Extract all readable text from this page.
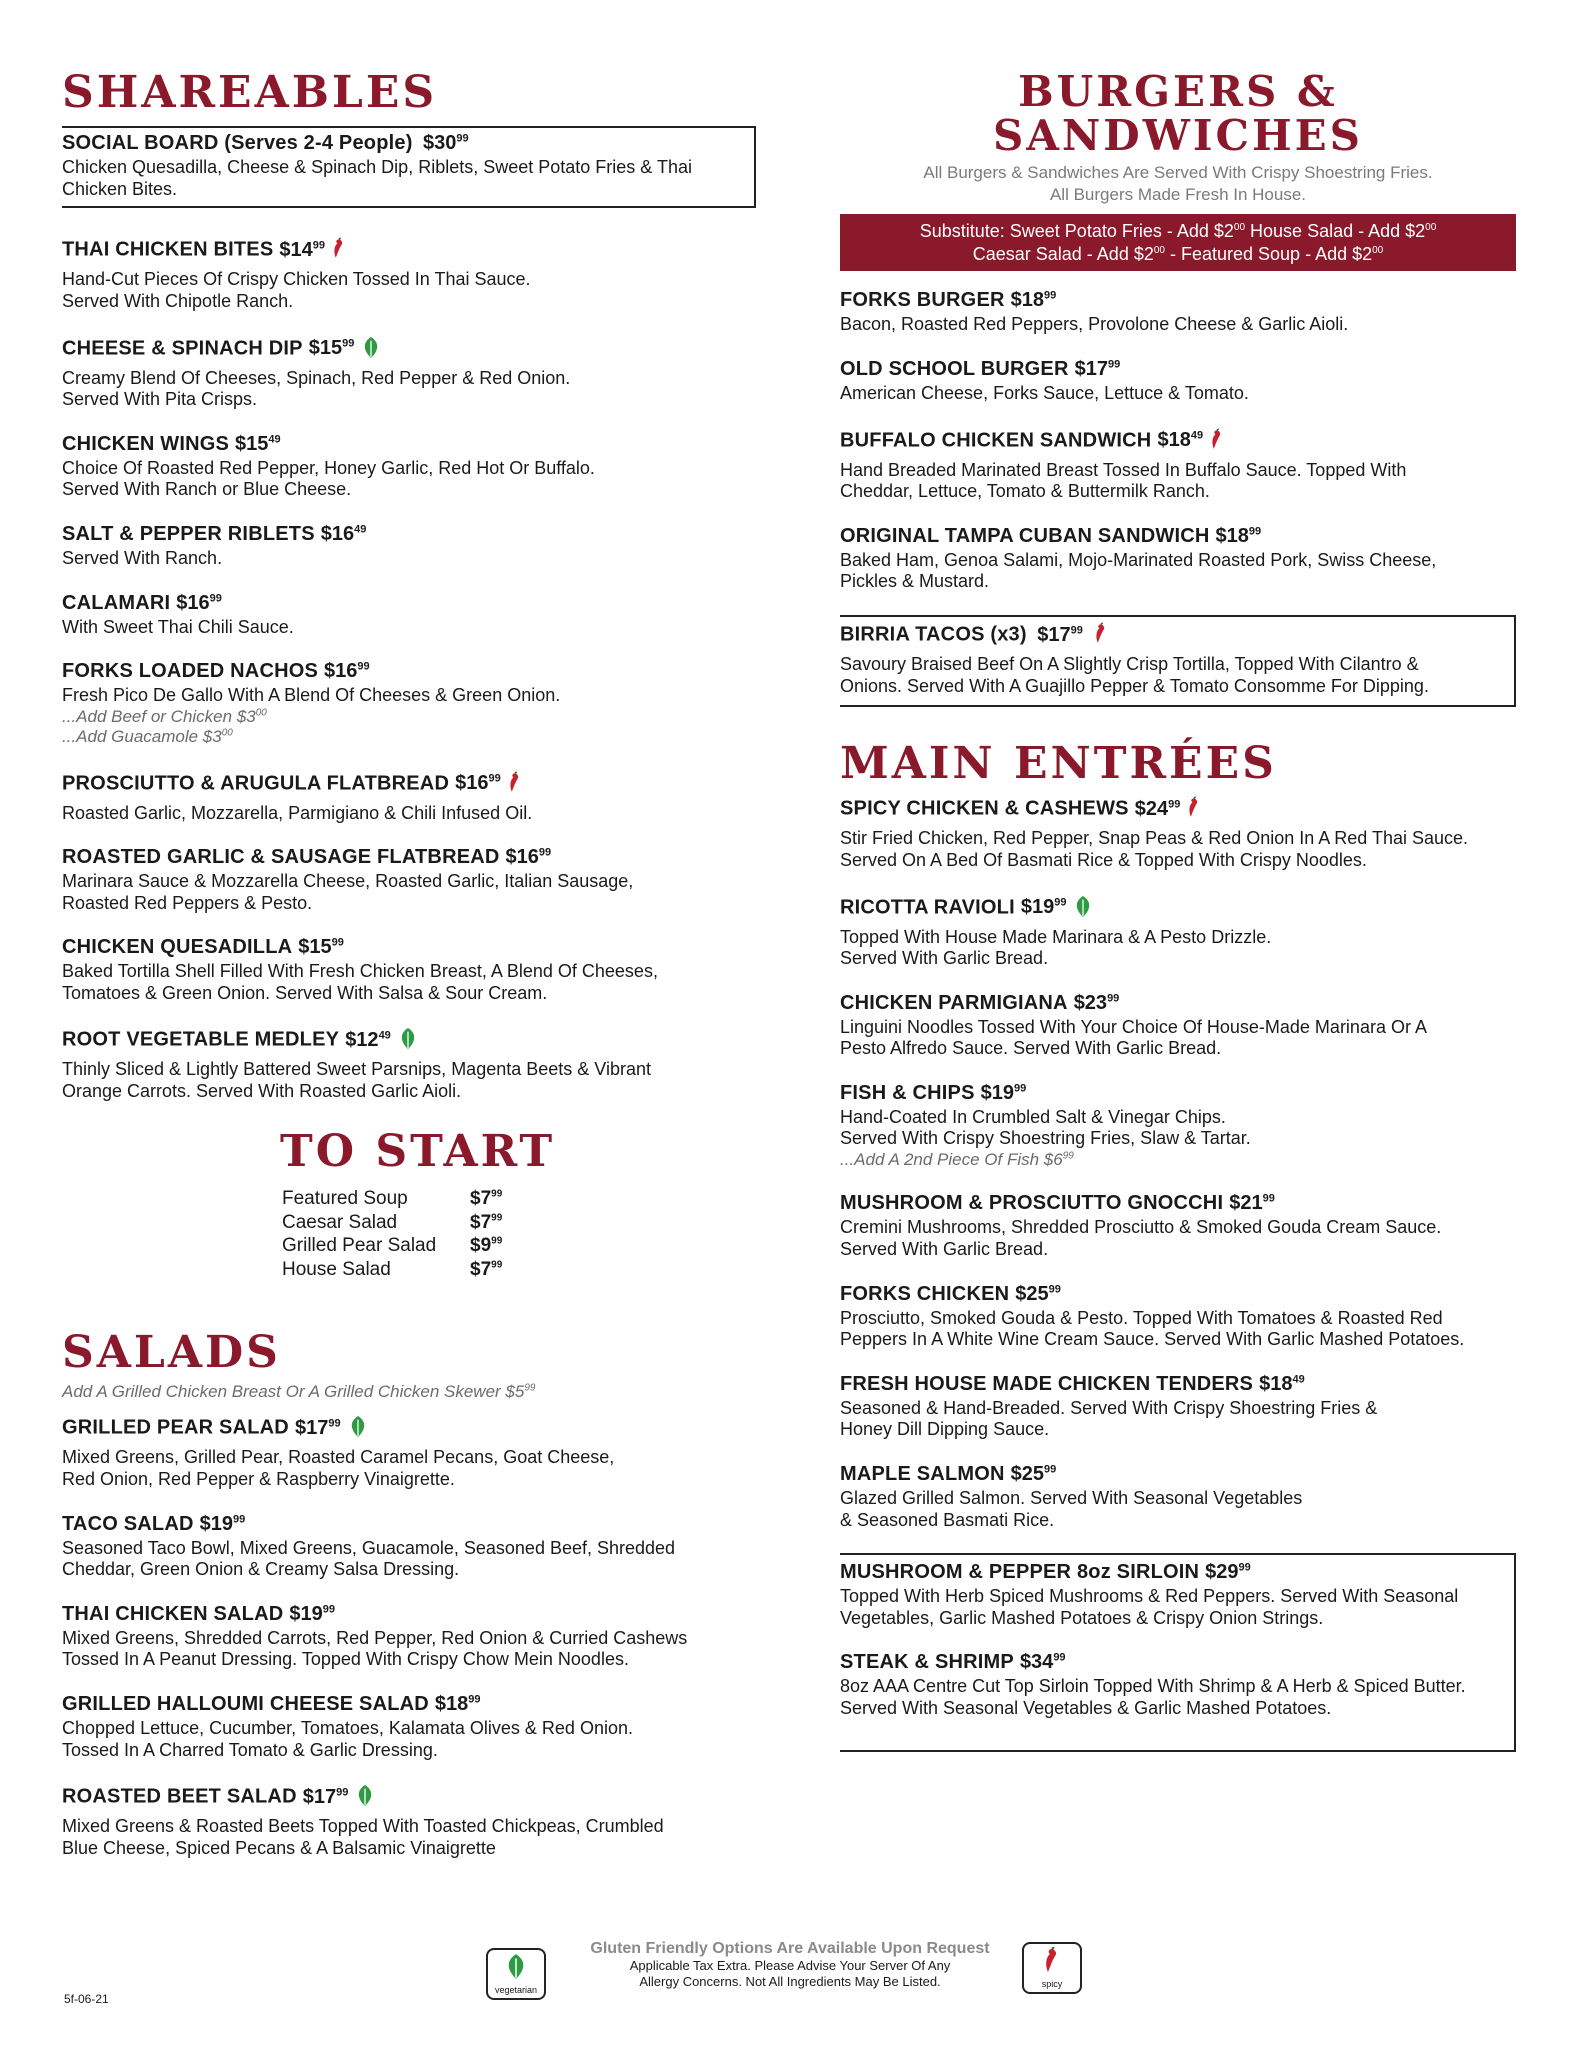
SHAREABLES
SOCIAL BOARD (Serves 2-4 People) $\$30^{99}$
Chicken Quesadilla, Cheese & Spinach Dip, Riblets, Sweet Potato Fries & Thai Chicken Bites.
THAI CHICKEN BITES $\$14^{99}$
Hand-Cut Pieces Of Crispy Chicken Tossed In Thai Sauce.
Served With Chipotle Ranch.
CHEESE & SPINACH DIP $\$15^{99}$
Creamy Blend Of Cheeses, Spinach, Red Pepper & Red Onion.
Served With Pita Crisps.
CHICKEN WINGS $\$15^{49}$
Choice Of Roasted Red Pepper, Honey Garlic, Red Hot Or Buffalo.
Served With Ranch or Blue Cheese.
SALT & PEPPER RIBLETS $\$16^{49}$
Served With Ranch.
CALAMARI $\$16^{99}$
With Sweet Thai Chili Sauce.
FORKS LOADED NACHOS $\$16^{99}$
Fresh Pico De Gallo With A Blend Of Cheeses & Green Onion.
...Add Beef or Chicken $\$3^{00}$
...Add Guacamole $\$3^{00}$
PROSCIUTTO & ARUGULA FLATBREAD $\$16^{99}$
Roasted Garlic, Mozzarella, Parmigiano & Chili Infused Oil.
ROASTED GARLIC & SAUSAGE FLATBREAD $\$16^{99}$
Marinara Sauce & Mozzarella Cheese, Roasted Garlic, Italian Sausage,
Roasted Red Peppers & Pesto.
CHICKEN QUESADILLA $\$15^{99}$
Baked Tortilla Shell Filled With Fresh Chicken Breast, A Blend Of Cheeses,
Tomatoes & Green Onion. Served With Salsa & Sour Cream.
ROOT VEGETABLE MEDLEY $\$12^{49}$
Thinly Sliced & Lightly Battered Sweet Parsnips, Magenta Beets & Vibrant
Orange Carrots. Served With Roasted Garlic Aioli.
TO START
Featured Soup	$\$7^{99}$
Caesar Salad	$\$7^{99}$
Grilled Pear Salad	$\$9^{99}$
House Salad	$\$7^{99}$
SALADS
Add A Grilled Chicken Breast Or A Grilled Chicken Skewer $\$5^{99}$
GRILLED PEAR SALAD $\$17^{99}$
Mixed Greens, Grilled Pear, Roasted Caramel Pecans, Goat Cheese,
Red Onion, Red Pepper & Raspberry Vinaigrette.
TACO SALAD $\$19^{99}$
Seasoned Taco Bowl, Mixed Greens, Guacamole, Seasoned Beef, Shredded
Cheddar, Green Onion & Creamy Salsa Dressing.
THAI CHICKEN SALAD $\$19^{99}$
Mixed Greens, Shredded Carrots, Red Pepper, Red Onion & Curried Cashews
Tossed In A Peanut Dressing. Topped With Crispy Chow Mein Noodles.
GRILLED HALLOUMI CHEESE SALAD $\$18^{99}$
Chopped Lettuce, Cucumber, Tomatoes, Kalamata Olives & Red Onion.
Tossed In A Charred Tomato & Garlic Dressing.
ROASTED BEET SALAD $\$17^{99}$
Mixed Greens & Roasted Beets Topped With Toasted Chickpeas, Crumbled
Blue Cheese, Spiced Pecans & A Balsamic Vinaigrette
BURGERS & SANDWICHES
All Burgers & Sandwiches Are Served With Crispy Shoestring Fries.
All Burgers Made Fresh In House.
Substitute: Sweet Potato Fries - Add $\$2^{00}$ House Salad - Add $\$2^{00}$
Caesar Salad - Add $\$2^{00}$ - Featured Soup - Add $\$2^{00}$
FORKS BURGER $\$18^{99}$
Bacon, Roasted Red Peppers, Provolone Cheese & Garlic Aioli.
OLD SCHOOL BURGER $\$17^{99}$
American Cheese, Forks Sauce, Lettuce & Tomato.
BUFFALO CHICKEN SANDWICH $\$18^{49}$
Hand Breaded Marinated Breast Tossed In Buffalo Sauce. Topped With
Cheddar, Lettuce, Tomato & Buttermilk Ranch.
ORIGINAL TAMPA CUBAN SANDWICH $\$18^{99}$
Baked Ham, Genoa Salami, Mojo-Marinated Roasted Pork, Swiss Cheese,
Pickles & Mustard.
BIRRIA TACOS (x3) $\$17^{99}$
Savoury Braised Beef On A Slightly Crisp Tortilla, Topped With Cilantro &
Onions. Served With A Guajillo Pepper & Tomato Consomme For Dipping.
MAIN ENTRÉES
SPICY CHICKEN & CASHEWS $\$24^{99}$
Stir Fried Chicken, Red Pepper, Snap Peas & Red Onion In A Red Thai Sauce.
Served On A Bed Of Basmati Rice & Topped With Crispy Noodles.
RICOTTA RAVIOLI $\$19^{99}$
Topped With House Made Marinara & A Pesto Drizzle.
Served With Garlic Bread.
CHICKEN PARMIGIANA $\$23^{99}$
Linguini Noodles Tossed With Your Choice Of House-Made Marinara Or A
Pesto Alfredo Sauce. Served With Garlic Bread.
FISH & CHIPS $\$19^{99}$
Hand-Coated In Crumbled Salt & Vinegar Chips.
Served With Crispy Shoestring Fries, Slaw & Tartar.
...Add A 2nd Piece Of Fish $\$6^{99}$
MUSHROOM & PROSCIUTTO GNOCCHI $\$21^{99}$
Cremini Mushrooms, Shredded Prosciutto & Smoked Gouda Cream Sauce.
Served With Garlic Bread.
FORKS CHICKEN $\$25^{99}$
Prosciutto, Smoked Gouda & Pesto. Topped With Tomatoes & Roasted Red
Peppers In A White Wine Cream Sauce. Served With Garlic Mashed Potatoes.
FRESH HOUSE MADE CHICKEN TENDERS $\$18^{49}$
Seasoned & Hand-Breaded. Served With Crispy Shoestring Fries &
Honey Dill Dipping Sauce.
MAPLE SALMON $\$25^{99}$
Glazed Grilled Salmon. Served With Seasonal Vegetables
& Seasoned Basmati Rice.
MUSHROOM & PEPPER 8oz SIRLOIN $\$29^{99}$
Topped With Herb Spiced Mushrooms & Red Peppers. Served With Seasonal
Vegetables, Garlic Mashed Potatoes & Crispy Onion Strings.
STEAK & SHRIMP $\$34^{99}$
8oz AAA Centre Cut Top Sirloin Topped With Shrimp & A Herb & Spiced Butter.
Served With Seasonal Vegetables & Garlic Mashed Potatoes.
5f-06-21
vegetarian
Gluten Friendly Options Are Available Upon Request
Applicable Tax Extra. Please Advise Your Server Of Any
Allergy Concerns. Not All Ingredients May Be Listed.	spicy
